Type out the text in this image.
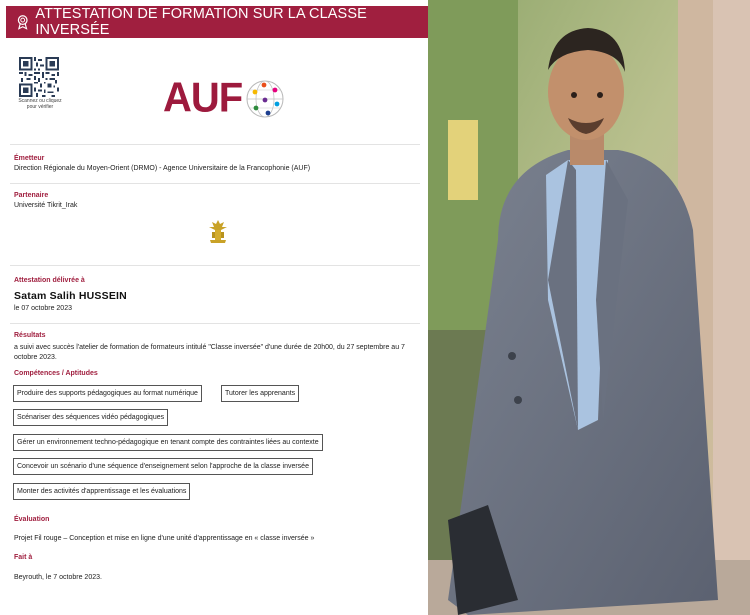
ATTESTATION DE FORMATION SUR LA CLASSE INVERSÉE
Scannez ou cliquez pour vérifier	AUF
Émetteur
Direction Régionale du Moyen-Orient (DRMO) - Agence Universitaire de la Francophonie (AUF)
Partenaire
Université Tikrit_Irak
Attestation délivrée à
Satam Salih HUSSEIN
le 07 octobre 2023
Résultats
a suivi avec succès l'atelier de formation de formateurs intitulé "Classe inversée" d'une durée de 20h00, du 27 septembre au 7 octobre 2023.
Compétences / Aptitudes
Produire des supports pédagogiques au format numérique	Tutorer les apprenants
Scénariser des séquences vidéo pédagogiques
Gérer un environnement techno-pédagogique en tenant compte des contraintes liées au contexte
Concevoir un scénario d'une séquence d'enseignement selon l'approche de la classe inversée
Monter des activités d'apprentissage et les évaluations
Évaluation
Projet Fil rouge – Conception et mise en ligne d'une unité d'apprentissage en « classe inversée »
Fait à
Beyrouth, le 7 octobre 2023.
